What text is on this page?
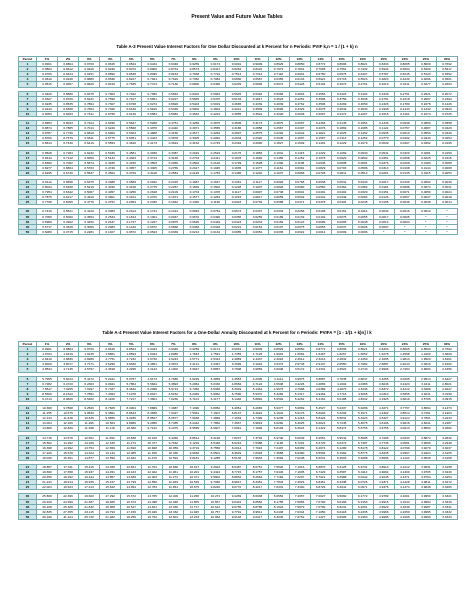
Present Value and Future Value Tables
Table A-3 Present Value Interest Factors for One Dollar Discounted at k Percent for n Periods: PVIF k,n = 1 / (1 + k) n
Period	1%	2%	3%	4%	5%	6%	7%	8%	9%	10%	11%	12%	13%	14%	15%	16%	20%	24%	25%	30%
1	0.9901	0.9804	0.9709	0.9615	0.9524	0.9434	0.9346	0.9259	0.9174	0.9091	0.9009	0.8929	0.8850	0.8772	0.8696	0.8621	0.8333	0.8065	0.8000	0.7692
2	0.9803	0.9612	0.9426	0.9246	0.9070	0.8900	0.8734	0.8573	0.8417	0.8264	0.8116	0.7972	0.7831	0.7695	0.7561	0.7432	0.6944	0.6504	0.6400	0.5917
3	0.9706	0.9423	0.9151	0.8890	0.8638	0.8396	0.8163	0.7938	0.7722	0.7513	0.7312	0.7118	0.6931	0.6750	0.6575	0.6407	0.5787	0.5245	0.5120	0.4552
4	0.9610	0.9238	0.8885	0.8548	0.8227	0.7921	0.7629	0.7350	0.7084	0.6830	0.6587	0.6355	0.6133	0.5921	0.5718	0.5523	0.4823	0.4230	0.4096	0.3501
5	0.9515	0.9057	0.8626	0.8219	0.7835	0.7473	0.7130	0.6806	0.6499	0.6209	0.5935	0.5674	0.5428	0.5194	0.4972	0.4761	0.4019	0.3411	0.3277	0.2693

6	0.9420	0.8880	0.8375	0.7903	0.7462	0.7050	0.6663	0.6302	0.5963	0.5645	0.5346	0.5066	0.4803	0.4556	0.4323	0.4104	0.3349	0.2751	0.2621	0.2072
7	0.9327	0.8706	0.8131	0.7599	0.7107	0.6651	0.6227	0.5835	0.5470	0.5132	0.4817	0.4523	0.4251	0.3996	0.3759	0.3538	0.2791	0.2218	0.2097	0.1594
8	0.9235	0.8535	0.7894	0.7307	0.6768	0.6274	0.5820	0.5403	0.5019	0.4665	0.4339	0.4039	0.3762	0.3506	0.3269	0.3050	0.2326	0.1789	0.1678	0.1226
9	0.9143	0.8368	0.7664	0.7026	0.6446	0.5919	0.5439	0.5002	0.4604	0.4241	0.3909	0.3606	0.3329	0.3075	0.2843	0.2630	0.1938	0.1443	0.1342	0.0943
10	0.9053	0.8203	0.7441	0.6756	0.6139	0.5584	0.5083	0.4632	0.4224	0.3855	0.3522	0.3220	0.2946	0.2697	0.2472	0.2267	0.1615	0.1164	0.1074	0.0725

11	0.8963	0.8043	0.7224	0.6496	0.5847	0.5268	0.4751	0.4289	0.3875	0.3505	0.3173	0.2875	0.2607	0.2366	0.2149	0.1954	0.1346	0.0938	0.0859	0.0558
12	0.8874	0.7885	0.7014	0.6246	0.5568	0.4970	0.4440	0.3971	0.3555	0.3186	0.2858	0.2567	0.2307	0.2076	0.1869	0.1685	0.1122	0.0757	0.0687	0.0429
13	0.8787	0.7730	0.6810	0.6006	0.5303	0.4688	0.4150	0.3677	0.3262	0.2897	0.2575	0.2292	0.2042	0.1821	0.1625	0.1452	0.0935	0.0610	0.0550	0.0330
14	0.8700	0.7579	0.6611	0.5775	0.5051	0.4423	0.3878	0.3405	0.2992	0.2633	0.2320	0.2046	0.1807	0.1597	0.1413	0.1252	0.0779	0.0492	0.0440	0.0254
15	0.8613	0.7430	0.6419	0.5553	0.4810	0.4173	0.3624	0.3152	0.2745	0.2394	0.2090	0.1827	0.1599	0.1401	0.1229	0.1079	0.0649	0.0397	0.0352	0.0195

16	0.8528	0.7284	0.6232	0.5339	0.4581	0.3936	0.3387	0.2919	0.2519	0.2176	0.1883	0.1631	0.1415	0.1229	0.1069	0.0930	0.0541	0.0320	0.0281	0.0150
17	0.8444	0.7142	0.6050	0.5134	0.4363	0.3714	0.3166	0.2703	0.2311	0.1978	0.1696	0.1456	0.1252	0.1078	0.0929	0.0802	0.0451	0.0258	0.0225	0.0116
18	0.8360	0.7002	0.5874	0.4936	0.4155	0.3503	0.2959	0.2502	0.2120	0.1799	0.1528	0.1300	0.1108	0.0946	0.0808	0.0691	0.0376	0.0208	0.0180	0.0089
19	0.8277	0.6864	0.5703	0.4746	0.3957	0.3305	0.2765	0.2317	0.1945	0.1635	0.1377	0.1161	0.0981	0.0829	0.0703	0.0596	0.0313	0.0168	0.0144	0.0068
20	0.8195	0.6730	0.5537	0.4564	0.3769	0.3118	0.2584	0.2145	0.1784	0.1486	0.1240	0.1037	0.0868	0.0728	0.0611	0.0514	0.0261	0.0135	0.0115	0.0053

21	0.8114	0.6598	0.5375	0.4388	0.3589	0.2942	0.2415	0.1987	0.1637	0.1351	0.1117	0.0926	0.0768	0.0638	0.0531	0.0443	0.0217	0.0109	0.0092	0.0040
22	0.8034	0.6468	0.5219	0.4220	0.3418	0.2775	0.2257	0.1839	0.1502	0.1228	0.1007	0.0826	0.0680	0.0560	0.0462	0.0382	0.0181	0.0088	0.0074	0.0031
23	0.7954	0.6342	0.5067	0.4057	0.3256	0.2618	0.2109	0.1703	0.1378	0.1117	0.0907	0.0738	0.0601	0.0491	0.0402	0.0329	0.0151	0.0071	0.0059	0.0024
24	0.7876	0.6217	0.4919	0.3901	0.3101	0.2470	0.1971	0.1577	0.1264	0.1015	0.0817	0.0659	0.0532	0.0431	0.0349	0.0284	0.0126	0.0057	0.0047	0.0018
25	0.7798	0.6095	0.4776	0.3751	0.2953	0.2330	0.1842	0.1460	0.1160	0.0923	0.0736	0.0588	0.0471	0.0378	0.0304	0.0245	0.0105	0.0046	0.0038	0.0014

30	0.7419	0.5521	0.4120	0.3083	0.2314	0.1741	0.1314	0.0994	0.0754	0.0573	0.0437	0.0334	0.0256	0.0196	0.0151	0.0116	0.0042	0.0016	0.0012	*
35	0.7059	0.5000	0.3554	0.2534	0.1813	0.1301	0.0937	0.0676	0.0490	0.0356	0.0259	0.0189	0.0139	0.0102	0.0075	0.0055	0.0017	0.0005	*	*
36	0.6989	0.4902	0.3450	0.2437	0.1727	0.1227	0.0875	0.0626	0.0449	0.0323	0.0234	0.0169	0.0123	0.0089	0.0065	0.0048	0.0014	0.0004	*	*
40	0.6717	0.4529	0.3066	0.2083	0.1420	0.0972	0.0668	0.0460	0.0318	0.0221	0.0154	0.0107	0.0075	0.0053	0.0037	0.0026	0.0007	*	*	*
50	0.6080	0.3715	0.2281	0.1407	0.0872	0.0543	0.0339	0.0213	0.0134	0.0085	0.0054	0.0035	0.0022	0.0014	0.0009	0.0006	*	*	*	*
Table A-4 Present Value Interest Factors for a One-Dollar Annuity Discounted at k Percent for n Periods: PVIFA = [1 - 1/(1 + k)n] / k
Period	1%	2%	3%	4%	5%	6%	7%	8%	9%	10%	11%	12%	13%	14%	15%	16%	20%	24%	25%	30%
1	0.9901	0.9804	0.9709	0.9615	0.9524	0.9434	0.9346	0.9259	0.9174	0.9091	0.9009	0.8929	0.8850	0.8772	0.8696	0.8621	0.8333	0.8065	0.8000	0.7692
2	1.9704	1.9416	1.9135	1.8861	1.8594	1.8334	1.8080	1.7833	1.7591	1.7355	1.7125	1.6901	1.6681	1.6467	1.6257	1.6052	1.5278	1.4568	1.4400	1.3609
3	2.9410	2.8839	2.8286	2.7751	2.7232	2.6730	2.6243	2.5771	2.5313	2.4869	2.4437	2.4018	2.3612	2.3216	2.2832	2.2459	2.1065	1.9813	1.9520	1.8161
4	3.9020	3.8077	3.7171	3.6299	3.5460	3.4651	3.3872	3.3121	3.2397	3.1699	3.1024	3.0373	2.9745	2.9137	2.8550	2.7982	2.5887	2.4043	2.3616	2.1662
5	4.8534	4.7135	4.5797	4.4518	4.3295	4.2124	4.1002	3.9927	3.8897	3.7908	3.6959	3.6048	3.5172	3.4331	3.3522	3.2743	2.9906	2.7454	2.6893	2.4356

6	5.7955	5.6014	5.4172	5.2421	5.0757	4.9173	4.7665	4.6229	4.4859	4.3553	4.2305	4.1114	3.9975	3.8887	3.7845	3.6847	3.3255	3.0205	2.9514	2.6427
7	6.7282	6.4720	6.2303	6.0021	5.7864	5.5824	5.3893	5.2064	5.0330	4.8684	4.7122	4.5638	4.4226	4.2883	4.1604	4.0386	3.6046	3.2423	3.1611	2.8021
8	7.6517	7.3255	7.0197	6.7327	6.4632	6.2098	5.9713	5.7466	5.5348	5.3349	5.1461	4.9676	4.7988	4.6389	4.4873	4.3436	3.8372	3.4212	3.3289	2.9247
9	8.5660	8.1622	7.7861	7.4353	7.1078	6.8017	6.5152	6.2469	5.9952	5.7590	5.5370	5.3282	5.1317	4.9464	4.7716	4.6065	4.0310	3.5655	3.4631	3.0190
10	9.4713	8.9826	8.5302	8.1109	7.7217	7.3601	7.0236	6.7101	6.4177	6.1446	5.8892	5.6502	5.4262	5.2161	5.0188	4.8332	4.1925	3.6819	3.5705	3.0915

11	10.368	9.7868	9.2526	8.7605	8.3064	7.8869	7.4987	7.1390	6.8052	6.4951	6.2065	5.9377	5.6869	5.4527	5.2337	5.0286	4.3271	3.7757	3.6564	3.1473
12	11.255	10.575	9.9540	9.3851	8.8633	8.3838	7.9427	7.5361	7.1607	6.8137	6.4924	6.1944	5.9176	5.6603	5.4206	5.1971	4.4392	3.8514	3.7251	3.1903
13	12.134	11.348	10.635	9.9856	9.3936	8.8527	8.3577	7.9038	7.4869	7.1034	6.7499	6.4235	6.1218	5.8424	5.5831	5.3423	4.5327	3.9124	3.7801	3.2233
14	13.004	12.106	11.296	10.563	9.8986	9.2950	8.7455	8.2442	7.7862	7.3667	6.9819	6.6282	6.3025	6.0021	5.7245	5.4675	4.6106	3.9616	3.8241	3.2487
15	13.865	12.849	11.938	11.118	10.380	9.7122	9.1079	8.5595	8.0607	7.6061	7.1909	6.8109	6.4624	6.1422	5.8474	5.5755	4.6755	4.0013	3.8593	3.2682

16	14.718	13.578	12.561	11.652	10.838	10.106	9.4466	8.8514	8.3126	7.8237	7.3792	6.9740	6.6039	6.2651	5.9542	5.6685	4.7296	4.0333	3.8874	3.2832
17	15.562	14.292	13.166	12.166	11.274	10.477	9.7632	9.1216	8.5436	8.0216	7.5488	7.1196	6.7291	6.3729	6.0472	5.7487	4.7746	4.0591	3.9099	3.2948
18	16.398	14.992	13.754	12.659	11.690	10.828	10.059	9.3719	8.7556	8.2014	7.7016	7.2497	6.8399	6.4674	6.1280	5.8178	4.8122	4.0799	3.9279	3.3037
19	17.226	15.678	14.324	13.134	12.085	11.158	10.336	9.6036	8.9501	8.3649	7.8393	7.3658	6.9380	6.5504	6.1982	5.8775	4.8435	4.0967	3.9424	3.3105
20	18.046	16.351	14.877	13.590	12.462	11.470	10.594	9.8181	9.1285	8.5136	7.9633	7.4694	7.0248	6.6231	6.2593	5.9288	4.8696	4.1103	3.9539	3.3158

21	18.857	17.011	15.415	14.029	12.821	11.764	10.836	10.017	9.2922	8.6487	8.0751	7.5620	7.1016	6.6870	6.3125	5.9731	4.8913	4.1212	3.9631	3.3198
22	19.660	17.658	15.937	14.451	13.163	12.042	11.061	10.201	9.4424	8.7715	8.1757	7.6446	7.1695	6.7429	6.3587	6.0113	4.9094	4.1300	3.9705	3.3230
23	20.456	18.292	16.444	14.857	13.489	12.303	11.272	10.371	9.5802	8.8832	8.2664	7.7184	7.2297	6.7921	6.3988	6.0442	4.9245	4.1371	3.9764	3.3254
24	21.243	18.914	16.936	15.247	13.799	12.550	11.469	10.529	9.7066	8.9847	8.3481	7.7843	7.2829	6.8351	6.4338	6.0726	4.9371	4.1428	3.9811	3.3272
25	22.023	19.523	17.413	15.622	14.094	12.783	11.654	10.675	9.8226	9.0770	8.4217	7.8431	7.3300	6.8729	6.4641	6.0971	4.9476	4.1474	3.9849	3.3286

30	25.808	22.396	19.600	17.292	15.372	13.765	12.409	11.258	10.274	9.4269	8.6938	8.0552	7.4957	7.0027	6.5660	6.1772	4.9789	4.1601	3.9950	3.3321
35	29.409	24.999	21.487	18.665	16.374	14.498	12.948	11.655	10.567	9.6442	8.8552	8.1755	7.5856	7.0700	6.6166	6.2153	4.9915	4.1644	3.9984	3.3330
36	30.108	25.489	21.832	18.908	16.547	14.621	13.035	11.717	10.612	9.6765	8.8786	8.1924	7.5979	7.0790	6.6231	6.2201	4.9929	4.1649	3.9987	3.3331
40	32.835	27.355	23.115	19.793	17.159	15.046	13.332	11.925	10.757	9.7791	8.9511	8.2438	7.6344	7.1050	6.6418	6.2335	4.9966	4.1659	3.9995	3.3332
50	39.196	31.424	25.730	21.482	18.256	15.762	13.801	12.233	10.962	9.9148	9.0417	8.3045	7.6752	7.1327	6.6605	6.2463	4.9995	4.1666	3.9999	3.3333
